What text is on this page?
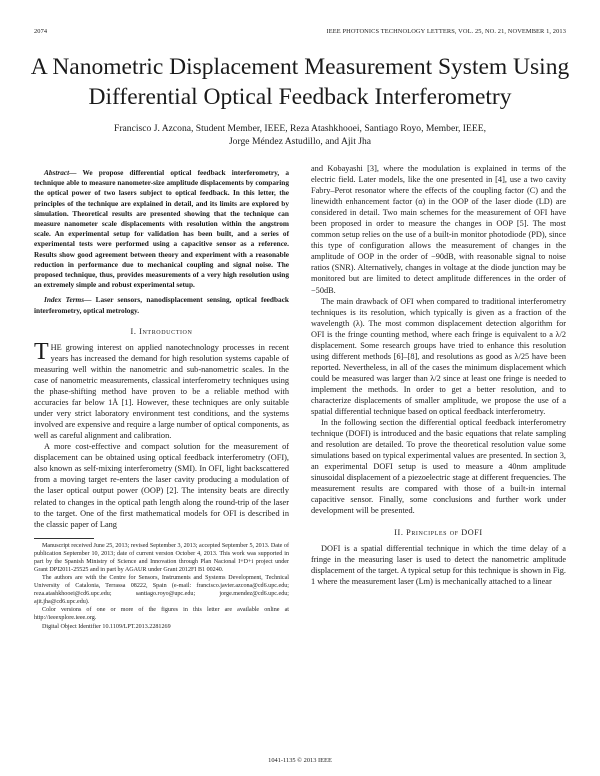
2074	IEEE PHOTONICS TECHNOLOGY LETTERS, VOL. 25, NO. 21, NOVEMBER 1, 2013
A Nanometric Displacement Measurement System Using Differential Optical Feedback Interferometry
Francisco J. Azcona, Student Member, IEEE, Reza Atashkhooei, Santiago Royo, Member, IEEE,
Jorge Méndez Astudillo, and Ajit Jha

Abstract— We propose differential optical feedback interferometry, a technique able to measure nanometer-size amplitude displacements by comparing the optical power of two lasers subject to optical feedback. In this letter, the principles of the technique are explained in detail, and its limits are explored by simulation. Theoretical results are presented showing that the technique can measure nanometer scale displacements with resolution within the angstrom scale. An experimental setup for validation has been built, and a series of experimental tests were performed using a capacitive sensor as a reference. Results show good agreement between theory and experiment with a reasonable reduction in performance due to mechanical coupling and signal noise. The proposed technique, thus, provides measurements of a very high resolution using an extremely simple and robust experimental setup.

Index Terms— Laser sensors, nanodisplacement sensing, optical feedback interferometry, optical metrology.

I. Introduction

THE growing interest on applied nanotechnology processes in recent years has increased the demand for high resolution systems capable of measuring well within the nanometric and sub-nanometric scales. In the case of nanometric measurements, classical interferometry techniques using the phase-shifting method have proven to be a reliable method with accuracies far below 1Å [1]. However, these techniques are only suitable under very strict laboratory environment test conditions, and the systems involved are expensive and require a large number of optical components, as well as careful alignment and calibration.

A more cost-effective and compact solution for the measurement of displacement can be obtained using optical feedback interferometry (OFI), also known as self-mixing interferometry (SMI). In OFI, light backscattered from a moving target re-enters the laser cavity producing a modulation of the laser optical output power (OOP) [2]. The intensity beats are directly related to changes in the optical path length along the round-trip of the laser to the target. One of the first mathematical models for OFI is described in the classic paper of Lang

Manuscript received June 25, 2013; revised September 3, 2013; accepted September 5, 2013. Date of publication September 10, 2013; date of current version October 4, 2013. This work was supported in part by the Spanish Ministry of Science and Innovation through Plan Nacional I+D+i project under Grant DPI2011-25525 and in part by AGAUR under Grant 2012FI B1 00240.

The authors are with the Centre for Sensors, Instruments and Systems Development, Technical University of Catalonia, Terrassa 08222, Spain (e-mail: francisco.javier.azcona@cd6.upc.edu; reza.atashkhooei@cd6.upc.edu; santiago.royo@upc.edu; jorge.mendez@cd6.upc.edu; ajit.jha@cd6.upc.edu).

Color versions of one or more of the figures in this letter are available online at http://ieeexplore.ieee.org.

Digital Object Identifier 10.1109/LPT.2013.2281269

and Kobayashi [3], where the modulation is explained in terms of the electric field. Later models, like the one presented in [4], use a two cavity Fabry–Perot resonator where the effects of the coupling factor (C) and the linewidth enhancement factor (α) in the OOP of the laser diode (LD) are considered in detail. Two main schemes for the measurement of OFI have been proposed in order to measure the changes in OOP [5]. The most common setup relies on the use of a built-in monitor photodiode (PD), since this type of configuration allows the measurement of changes in the amplitude of OOP in the order of −90dB, with reasonable signal to noise ratios (SNR). Alternatively, changes in voltage at the diode junction may be monitored but are limited to detect amplitude differences in the order of −50dB.

The main drawback of OFI when compared to traditional interferometry techniques is its resolution, which typically is given as a fraction of the wavelength (λ). The most common displacement detection algorithm for OFI is the fringe counting method, where each fringe is equivalent to a λ/2 displacement. Some research groups have tried to enhance this resolution using different methods [6]–[8], and resolutions as good as λ/25 have been reported. Nevertheless, in all of the cases the minimum displacement which could be measured was larger than λ/2 since at least one fringe is needed to implement the methods. In order to get a better resolution, and to characterize displacements of smaller amplitude, we propose the use of a spatial differential technique based on optical feedback interferometry.

In the following section the differential optical feedback interferometry technique (DOFI) is introduced and the basic equations that relate sampling and resolution are detailed. To prove the theoretical resolution value some simulations based on typical experimental values are presented. In section 3, an experimental DOFI setup is used to measure a 40nm amplitude sinusoidal displacement of a piezoelectric stage at different frequencies. The measurement results are compared with those of a built-in internal capacitive sensor. Finally, some conclusions and further work under development will be presented.

II. Principles of DOFI

DOFI is a spatial differential technique in which the time delay of a fringe in the measuring laser is used to detect the nanometric amplitude displacement of the target. A typical setup for this technique is shown in Fig. 1 where the measurement laser (Lm) is mechanically attached to a linear

1041-1135 © 2013 IEEE
